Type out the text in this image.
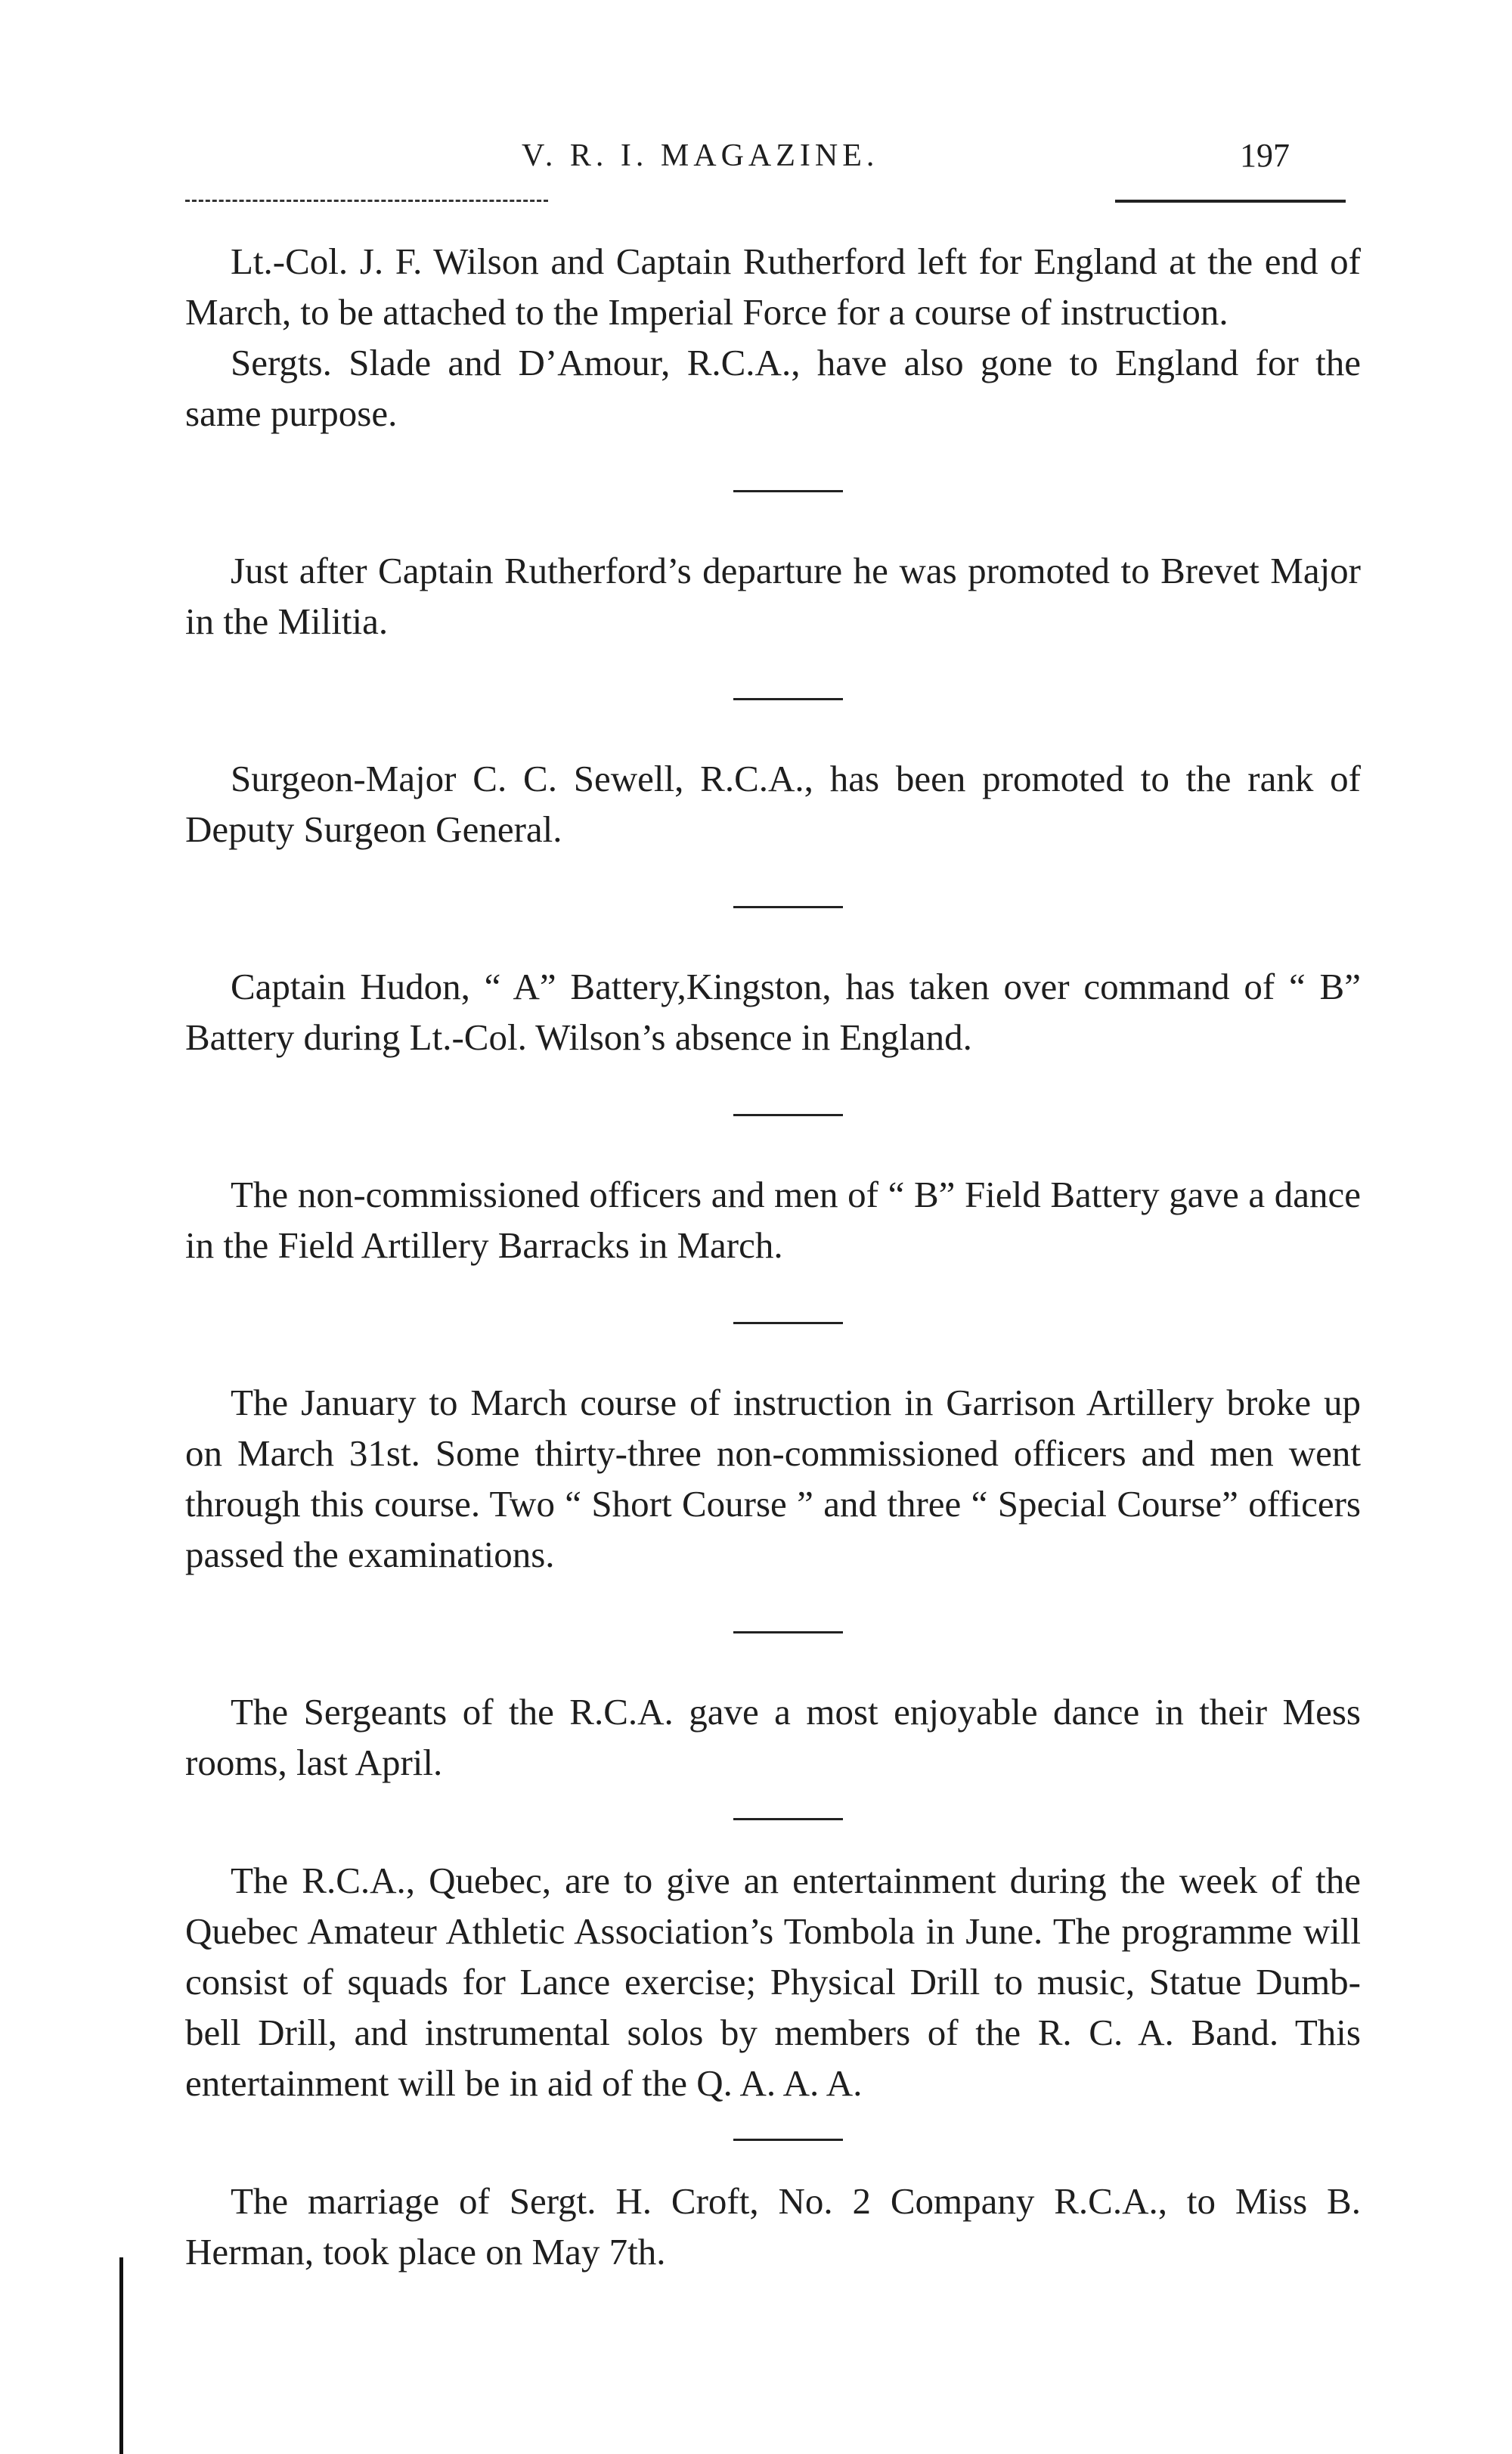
V. R. I. MAGAZINE.	197

Lt.-Col. J. F. Wilson and Captain Rutherford left for England at the end of March, to be attached to the Imperial Force for a course of instruction.

Sergts. Slade and D’Amour, R.C.A., have also gone to England for the same purpose.

Just after Captain Rutherford’s departure he was promoted to Brevet Major in the Militia.

Surgeon-Major C. C. Sewell, R.C.A., has been promoted to the rank of Deputy Surgeon General.

Captain Hudon, “ A” Battery,Kingston, has taken over command of “ B” Battery during Lt.-Col. Wilson’s absence in England.

The non-commissioned officers and men of “ B” Field Battery gave a dance in the Field Artillery Barracks in March.

The January to March course of instruction in Garrison Artillery broke up on March 31st. Some thirty-three non-commissioned officers and men went through this course. Two “ Short Course ” and three “ Special Course” officers passed the examinations.

The Sergeants of the R.C.A. gave a most enjoyable dance in their Mess rooms, last April.

The R.C.A., Quebec, are to give an entertainment during the week of the Quebec Amateur Athletic Association’s Tombola in June. The programme will consist of squads for Lance exercise; Physical Drill to music, Statue Dumb-bell Drill, and instrumental solos by members of the R. C. A. Band. This entertainment will be in aid of the Q. A. A. A.

The marriage of Sergt. H. Croft, No. 2 Company R.C.A., to Miss B. Herman, took place on May 7th.
